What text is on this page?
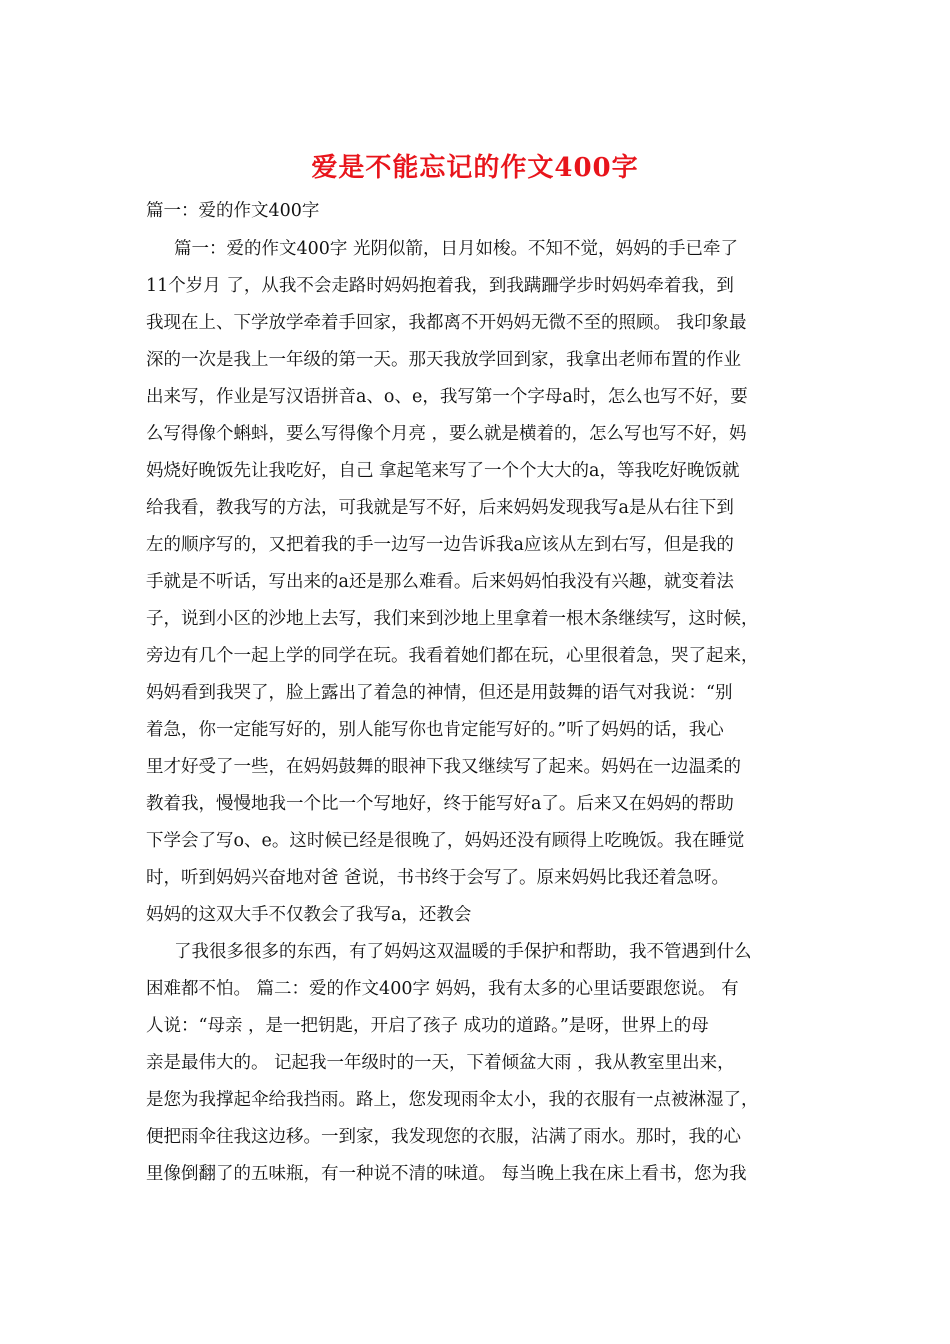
爱是不能忘记的作文400字
篇一：爱的作文400字
篇一：爱的作文400字 光阴似箭，日月如梭。不知不觉，妈妈的手已牵了
11个岁月 了，从我不会走路时妈妈抱着我，到我蹒跚学步时妈妈牵着我，到
我现在上、下学放学牵着手回家，我都离不开妈妈无微不至的照顾。 我印象最
深的一次是我上一年级的第一天。那天我放学回到家，我拿出老师布置的作业
出来写，作业是写汉语拼音a、o、e，我写第一个字母a时，怎么也写不好，要
么写得像个蝌蚪，要么写得像个月亮 ，要么就是横着的，怎么写也写不好，妈
妈烧好晚饭先让我吃好，自己 拿起笔来写了一个个大大的a，等我吃好晚饭就
给我看，教我写的方法，可我就是写不好，后来妈妈发现我写a是从右往下到
左的顺序写的，又把着我的手一边写一边告诉我a应该从左到右写，但是我的
手就是不听话，写出来的a还是那么难看。后来妈妈怕我没有兴趣，就变着法
子，说到小区的沙地上去写，我们来到沙地上里拿着一根木条继续写，这时候，
旁边有几个一起上学的同学在玩。我看着她们都在玩，心里很着急，哭了起来，
妈妈看到我哭了，脸上露出了着急的神情，但还是用鼓舞的语气对我说：“别
着急，你一定能写好的，别人能写你也肯定能写好的。”听了妈妈的话，我心
里才好受了一些，在妈妈鼓舞的眼神下我又继续写了起来。妈妈在一边温柔的
教着我，慢慢地我一个比一个写地好，终于能写好a了。后来又在妈妈的帮助
下学会了写o、e。这时候已经是很晚了，妈妈还没有顾得上吃晚饭。我在睡觉
时，听到妈妈兴奋地对爸 爸说，书书终于会写了。原来妈妈比我还着急呀。
妈妈的这双大手不仅教会了我写a，还教会
了我很多很多的东西，有了妈妈这双温暖的手保护和帮助，我不管遇到什么
困难都不怕。 篇二：爱的作文400字 妈妈，我有太多的心里话要跟您说。 有
人说：“母亲 ，是一把钥匙，开启了孩子 成功的道路。”是呀，世界上的母
亲是最伟大的。 记起我一年级时的一天，下着倾盆大雨 ，我从教室里出来，
是您为我撑起伞给我挡雨。路上，您发现雨伞太小，我的衣服有一点被淋湿了，
便把雨伞往我这边移。一到家，我发现您的衣服，沾满了雨水。那时，我的心
里像倒翻了的五味瓶，有一种说不清的味道。 每当晚上我在床上看书，您为我
